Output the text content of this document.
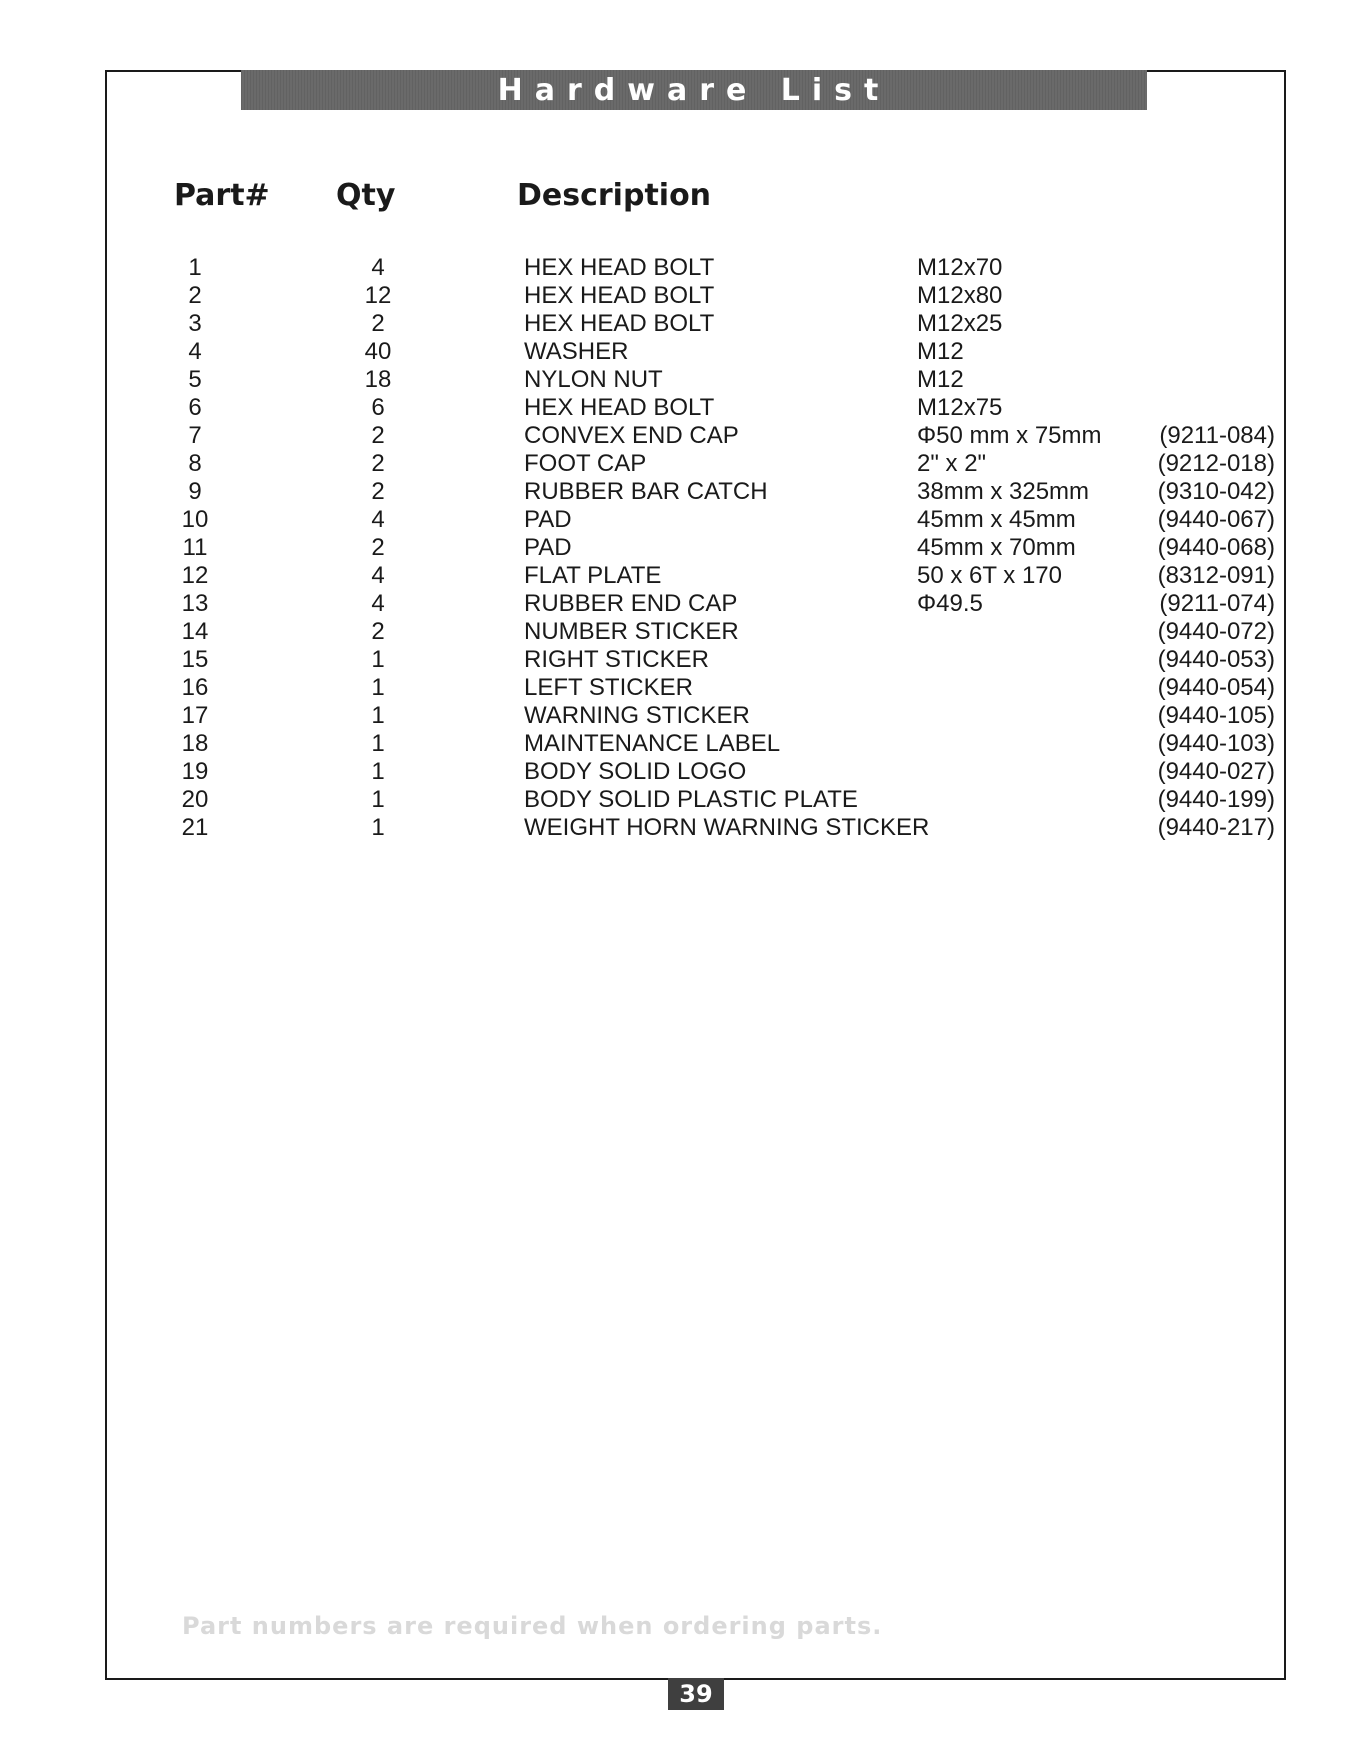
Hardware List
Part# Qty	Description
1	4	HEX HEAD BOLT	M12x70
2	12	HEX HEAD BOLT	M12x80
3	2	HEX HEAD BOLT	M12x25
4	40	WASHER	M12
5	18	NYLON NUT	M12
6	6	HEX HEAD BOLT	M12x75
7	2	CONVEX END CAP	Φ50 mm x 75mm	(9211-084)
8	2	FOOT CAP	2" x 2"	(9212-018)
9	2	RUBBER BAR CATCH	38mm x 325mm	(9310-042)
10	4	PAD	45mm x 45mm	(9440-067)
11	2	PAD	45mm x 70mm	(9440-068)
12	4	FLAT PLATE	50 x 6T x 170	(8312-091)
13	4	RUBBER END CAP	Φ49.5	(9211-074)
14	2	NUMBER STICKER	(9440-072)
15	1	RIGHT STICKER	(9440-053)
16	1	LEFT STICKER	(9440-054)
17	1	WARNING STICKER	(9440-105)
18	1	MAINTENANCE LABEL	(9440-103)
19	1	BODY SOLID LOGO	(9440-027)
20	1	BODY SOLID PLASTIC PLATE	(9440-199)
21	1	WEIGHT HORN WARNING STICKER	(9440-217)
Part numbers are required when ordering parts.
39
